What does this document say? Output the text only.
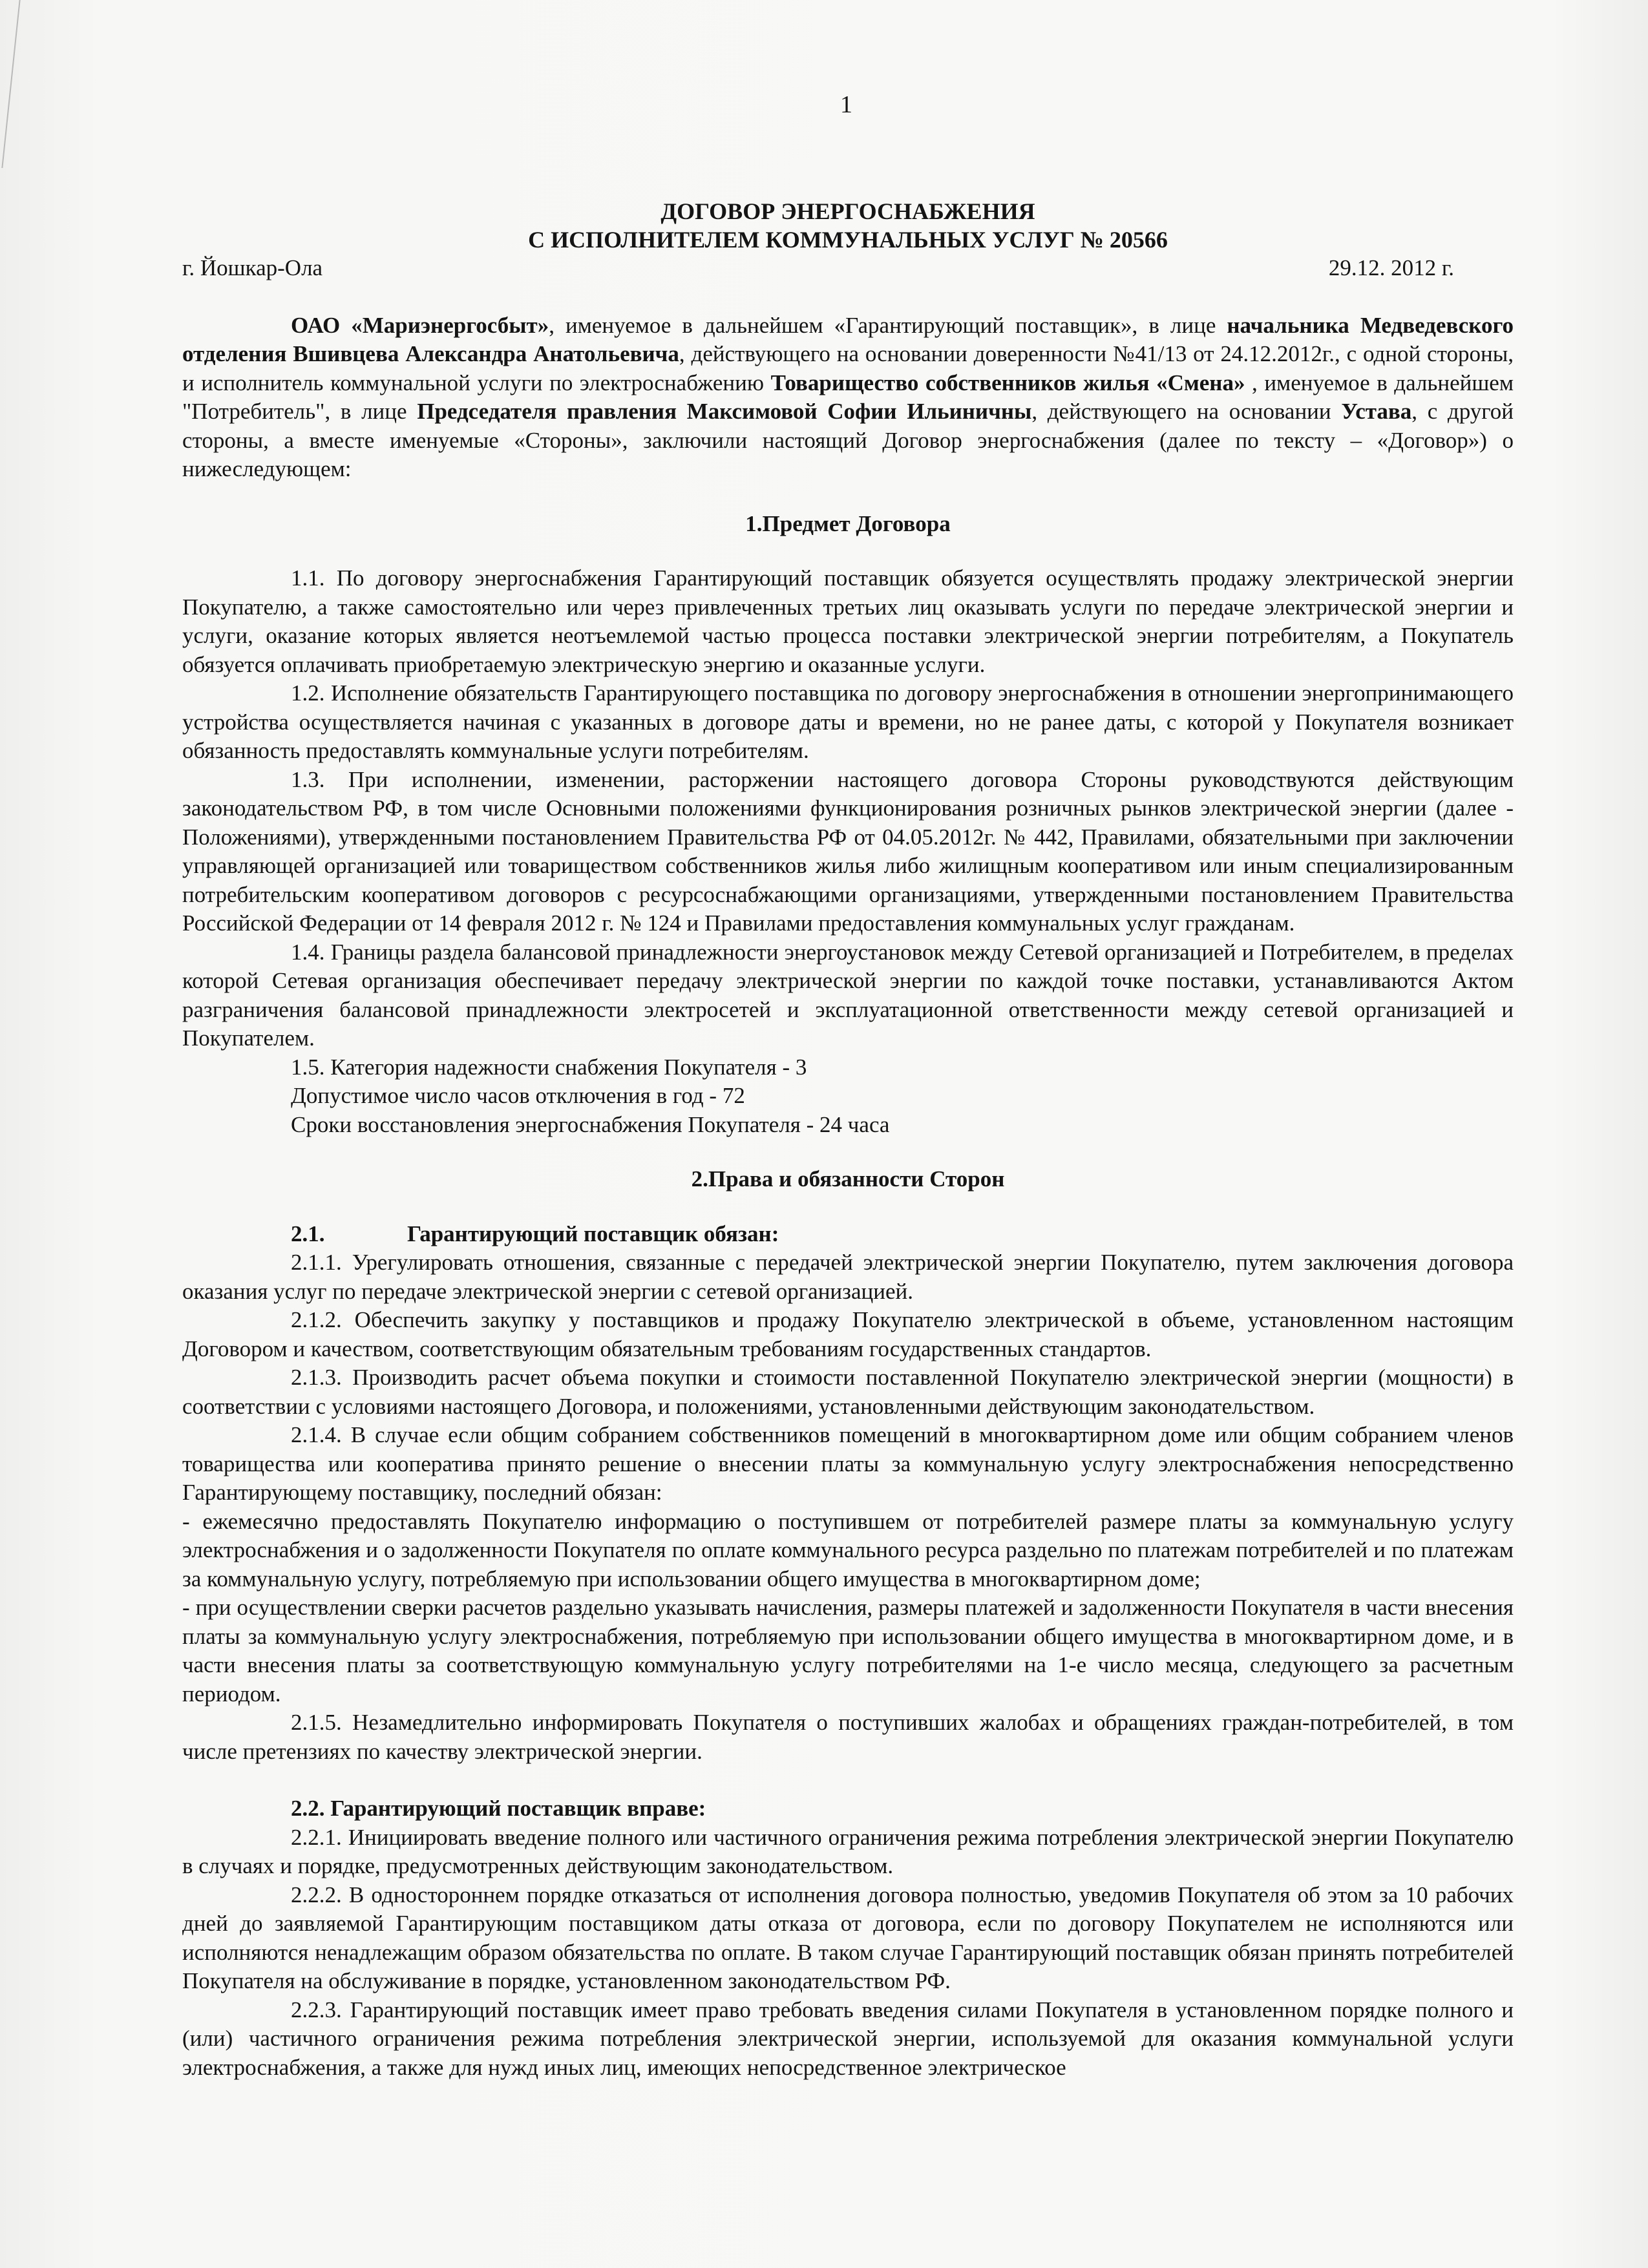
1

ДОГОВОР ЭНЕРГОСНАБЖЕНИЯ

С ИСПОЛНИТЕЛЕМ КОММУНАЛЬНЫХ УСЛУГ № 20566

г. Йошкар-Ола	29.12. 2012 г.

ОАО «Мариэнергосбыт», именуемое в дальнейшем «Гарантирующий поставщик», в лице начальника Медведевского отделения Вшивцева Александра Анатольевича, действующего на основании доверенности №41/13 от 24.12.2012г., с одной стороны, и исполнитель коммунальной услуги по электроснабжению Товарищество собственников жилья «Смена» , именуемое в дальнейшем "Потребитель", в лице Председателя правления Максимовой Софии Ильиничны, действующего на основании Устава, с другой стороны, а вместе именуемые «Стороны», заключили настоящий Договор энергоснабжения (далее по тексту – «Договор») о нижеследующем:

1.Предмет Договора

1.1. По договору энергоснабжения Гарантирующий поставщик обязуется осуществлять продажу электрической энергии Покупателю, а также самостоятельно или через привлеченных третьих лиц оказывать услуги по передаче электрической энергии и услуги, оказание которых является неотъемлемой частью процесса поставки электрической энергии потребителям, а Покупатель обязуется оплачивать приобретаемую электрическую энергию и оказанные услуги.

1.2. Исполнение обязательств Гарантирующего поставщика по договору энергоснабжения в отношении энергопринимающего устройства осуществляется начиная с указанных в договоре даты и времени, но не ранее даты, с которой у Покупателя возникает обязанность предоставлять коммунальные услуги потребителям.

1.3. При исполнении, изменении, расторжении настоящего договора Стороны руководствуются действующим законодательством РФ, в том числе Основными положениями функционирования розничных рынков электрической энергии (далее - Положениями), утвержденными постановлением Правительства РФ от 04.05.2012г. № 442, Правилами, обязательными при заключении управляющей организацией или товариществом собственников жилья либо жилищным кооперативом или иным специализированным потребительским кооперативом договоров с ресурсоснабжающими организациями, утвержденными постановлением Правительства Российской Федерации от 14 февраля 2012 г. № 124 и Правилами предоставления коммунальных услуг гражданам.

1.4. Границы раздела балансовой принадлежности энергоустановок между Сетевой организацией и Потребителем, в пределах которой Сетевая организация обеспечивает передачу электрической энергии по каждой точке поставки, устанавливаются Актом разграничения балансовой принадлежности электросетей и эксплуатационной ответственности между сетевой организацией и Покупателем.

1.5. Категория надежности снабжения Покупателя - 3

Допустимое число часов отключения в год - 72

Сроки восстановления энергоснабжения Покупателя - 24 часа

2.Права и обязанности Сторон

2.1.	Гарантирующий поставщик обязан:

2.1.1. Урегулировать отношения, связанные с передачей электрической энергии Покупателю, путем заключения договора оказания услуг по передаче электрической энергии с сетевой организацией.

2.1.2. Обеспечить закупку у поставщиков и продажу Покупателю электрической в объеме, установленном настоящим Договором и качеством, соответствующим обязательным требованиям государственных стандартов.

2.1.3. Производить расчет объема покупки и стоимости поставленной Покупателю электрической энергии (мощности) в соответствии с условиями настоящего Договора, и положениями, установленными действующим законодательством.

2.1.4. В случае если общим собранием собственников помещений в многоквартирном доме или общим собранием членов товарищества или кооператива принято решение о внесении платы за коммунальную услугу электроснабжения непосредственно Гарантирующему поставщику, последний обязан:

- ежемесячно предоставлять Покупателю информацию о поступившем от потребителей размере платы за коммунальную услугу электроснабжения и о задолженности Покупателя по оплате коммунального ресурса раздельно по платежам потребителей и по платежам за коммунальную услугу, потребляемую при использовании общего имущества в многоквартирном доме;

- при осуществлении сверки расчетов раздельно указывать начисления, размеры платежей и задолженности Покупателя в части внесения платы за коммунальную услугу электроснабжения, потребляемую при использовании общего имущества в многоквартирном доме, и в части внесения платы за соответствующую коммунальную услугу потребителями на 1-е число месяца, следующего за расчетным периодом.

2.1.5. Незамедлительно информировать Покупателя о поступивших жалобах и обращениях граждан-потребителей, в том числе претензиях по качеству электрической энергии.

2.2. Гарантирующий поставщик вправе:

2.2.1. Инициировать введение полного или частичного ограничения режима потребления электрической энергии Покупателю в случаях и порядке, предусмотренных действующим законодательством.

2.2.2. В одностороннем порядке отказаться от исполнения договора полностью, уведомив Покупателя об этом за 10 рабочих дней до заявляемой Гарантирующим поставщиком даты отказа от договора, если по договору Покупателем не исполняются или исполняются ненадлежащим образом обязательства по оплате. В таком случае Гарантирующий поставщик обязан принять потребителей Покупателя на обслуживание в порядке, установленном законодательством РФ.

2.2.3. Гарантирующий поставщик имеет право требовать введения силами Покупателя в установленном порядке полного и (или) частичного ограничения режима потребления электрической энергии, используемой для оказания коммунальной услуги электроснабжения, а также для нужд иных лиц, имеющих непосредственное электрическое
